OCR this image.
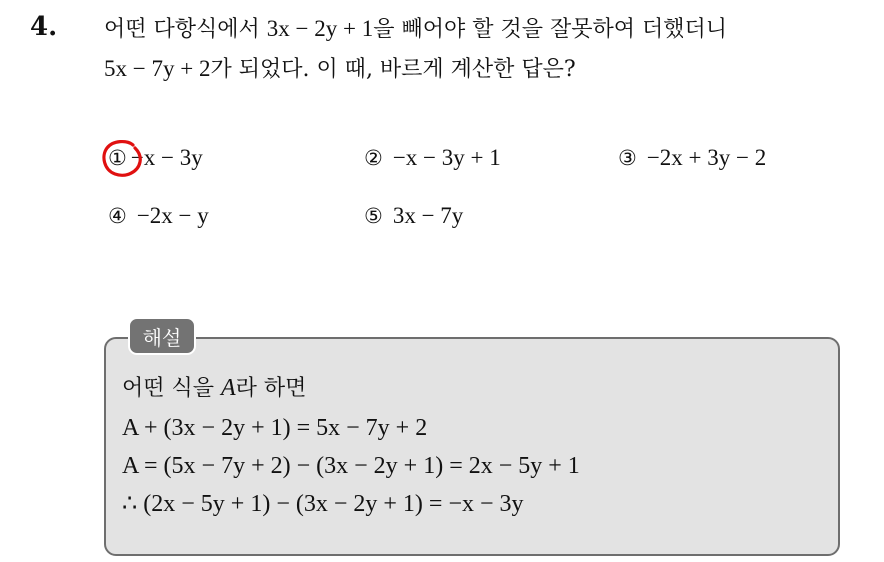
4. 어떤 다항식에서 3x − 2y + 1을 빼어야 할 것을 잘못하여 더했더니
5x − 7y + 2가 되었다. 이 때, 바르게 계산한 답은?
① −x − 3y	② −x − 3y + 1	③ −2x + 3y − 2
④ −2x − y	⑤ 3x − 7y
해설
어떤 식을 A라 하면
A + (3x − 2y + 1) = 5x − 7y + 2
A = (5x − 7y + 2) − (3x − 2y + 1) = 2x − 5y + 1
∴ (2x − 5y + 1) − (3x − 2y + 1) = −x − 3y
